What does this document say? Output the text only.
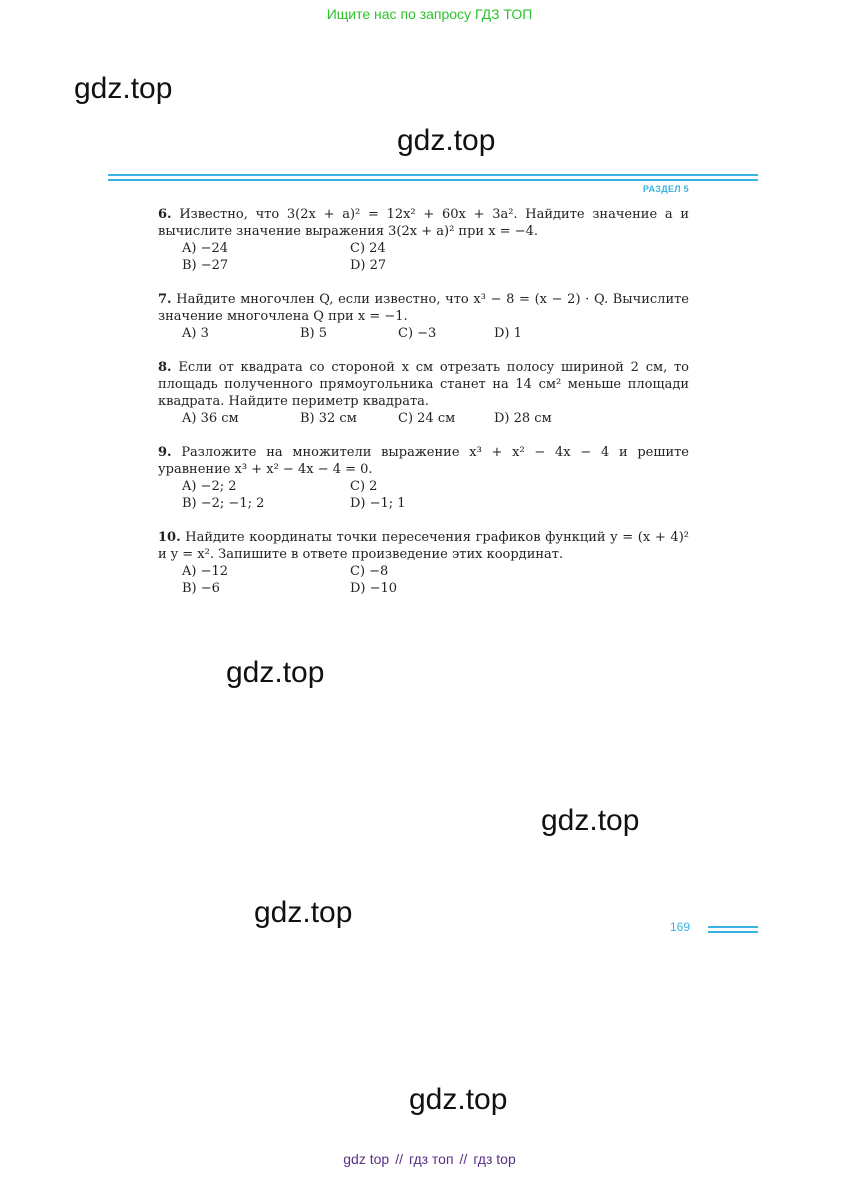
Ищите нас по запросу ГДЗ ТОП
gdz.top
gdz.top
РАЗДЕЛ 5

6. Известно, что 3(2x + a)² = 12x² + 60x + 3a². Найдите значение a и вычислите значение выражения 3(2x + a)² при x = −4.

A) −24	C) 24
B) −27	D) 27

7. Найдите многочлен Q, если известно, что x³ − 8 = (x − 2) · Q. Вычислите значение многочлена Q при x = −1.

A) 3	B) 5	C) −3	D) 1

8. Если от квадрата со стороной x см отрезать полосу шириной 2 см, то площадь полученного прямоугольника станет на 14 см² меньше площади квадрата. Найдите периметр квадрата.

A) 36 см	B) 32 см	C) 24 см	D) 28 см

9. Разложите на множители выражение x³ + x² − 4x − 4 и решите уравнение x³ + x² − 4x − 4 = 0.

A) −2; 2	C) 2
B) −2; −1; 2	D) −1; 1

10. Найдите координаты точки пересечения графиков функций y = (x + 4)² и y = x². Запишите в ответе произведение этих координат.

A) −12	C) −8
B) −6	D) −10
gdz.top
gdz.top
gdz.top	169
gdz.top
gdz top // гдз топ // гдз top
